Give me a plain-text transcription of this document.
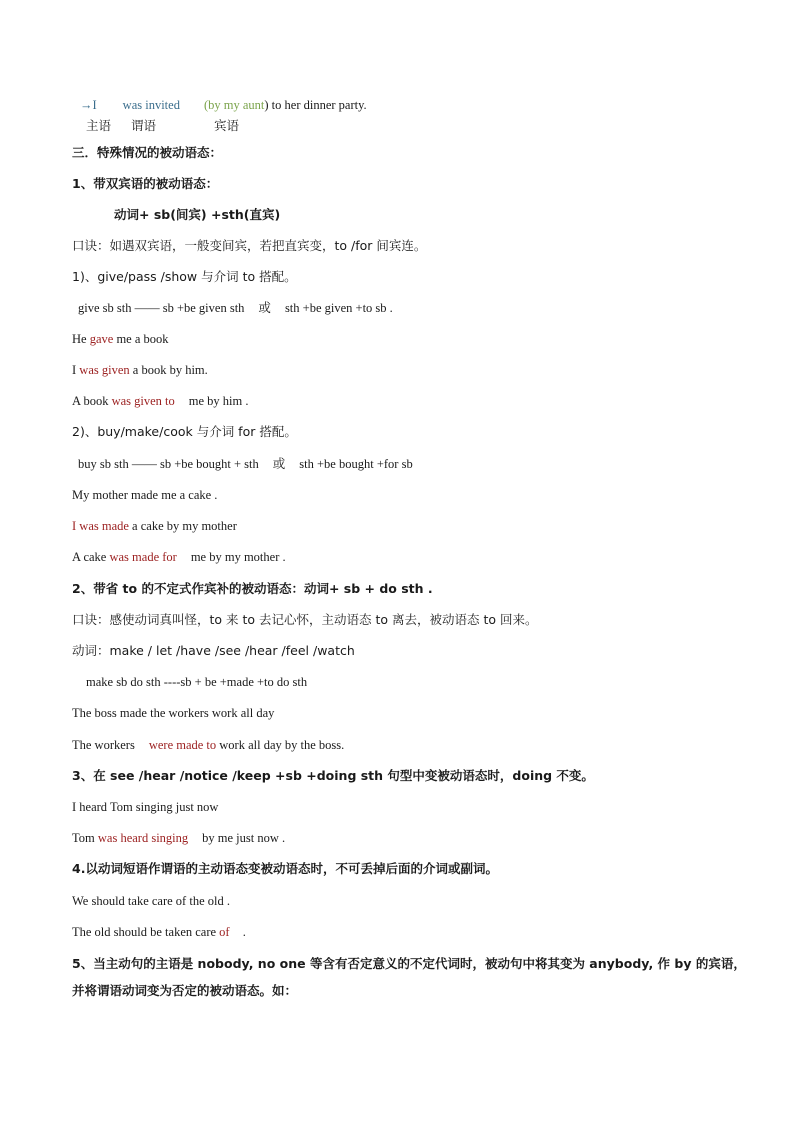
→I was invited (by my aunt) to her dinner party.
主语 谓语	宾语
三．特殊情况的被动语态：
1、带双宾语的被动语态：
动词+ sb(间宾) +sth(直宾)
口诀：如遇双宾语，一般变间宾，若把直宾变，to /for 间宾连。
1)、give/pass /show 与介词 to 搭配。
give sb sth —— sb +be given sth 或 sth +be given +to sb .
He gave me a book
I was given a book by him.
A book was given to me by him .
2)、buy/make/cook 与介词 for 搭配。
buy sb sth —— sb +be bought + sth 或 sth +be bought +for sb
My mother made me a cake .
I was made a cake by my mother
A cake was made for me by my mother .
2、带省 to 的不定式作宾补的被动语态：动词+ sb + do sth .
口诀：感使动词真叫怪，to 来 to 去记心怀，主动语态 to 离去，被动语态 to 回来。
动词：make / let /have /see /hear /feel /watch
make sb do sth ----sb + be +made +to do sth
The boss made the workers work all day
The workers were made to work all day by the boss.
3、在 see /hear /notice /keep +sb +doing sth 句型中变被动语态时，doing 不变。
I heard Tom singing just now
Tom was heard singing by me just now .
4.以动词短语作谓语的主动语态变被动语态时，不可丢掉后面的介词或副词。
We should take care of the old .
The old should be taken care of .
5、当主动句的主语是 nobody, no one 等含有否定意义的不定代词时，被动句中将其变为 anybody, 作 by 的宾语，并将谓语动词变为否定的被动语态。如：
